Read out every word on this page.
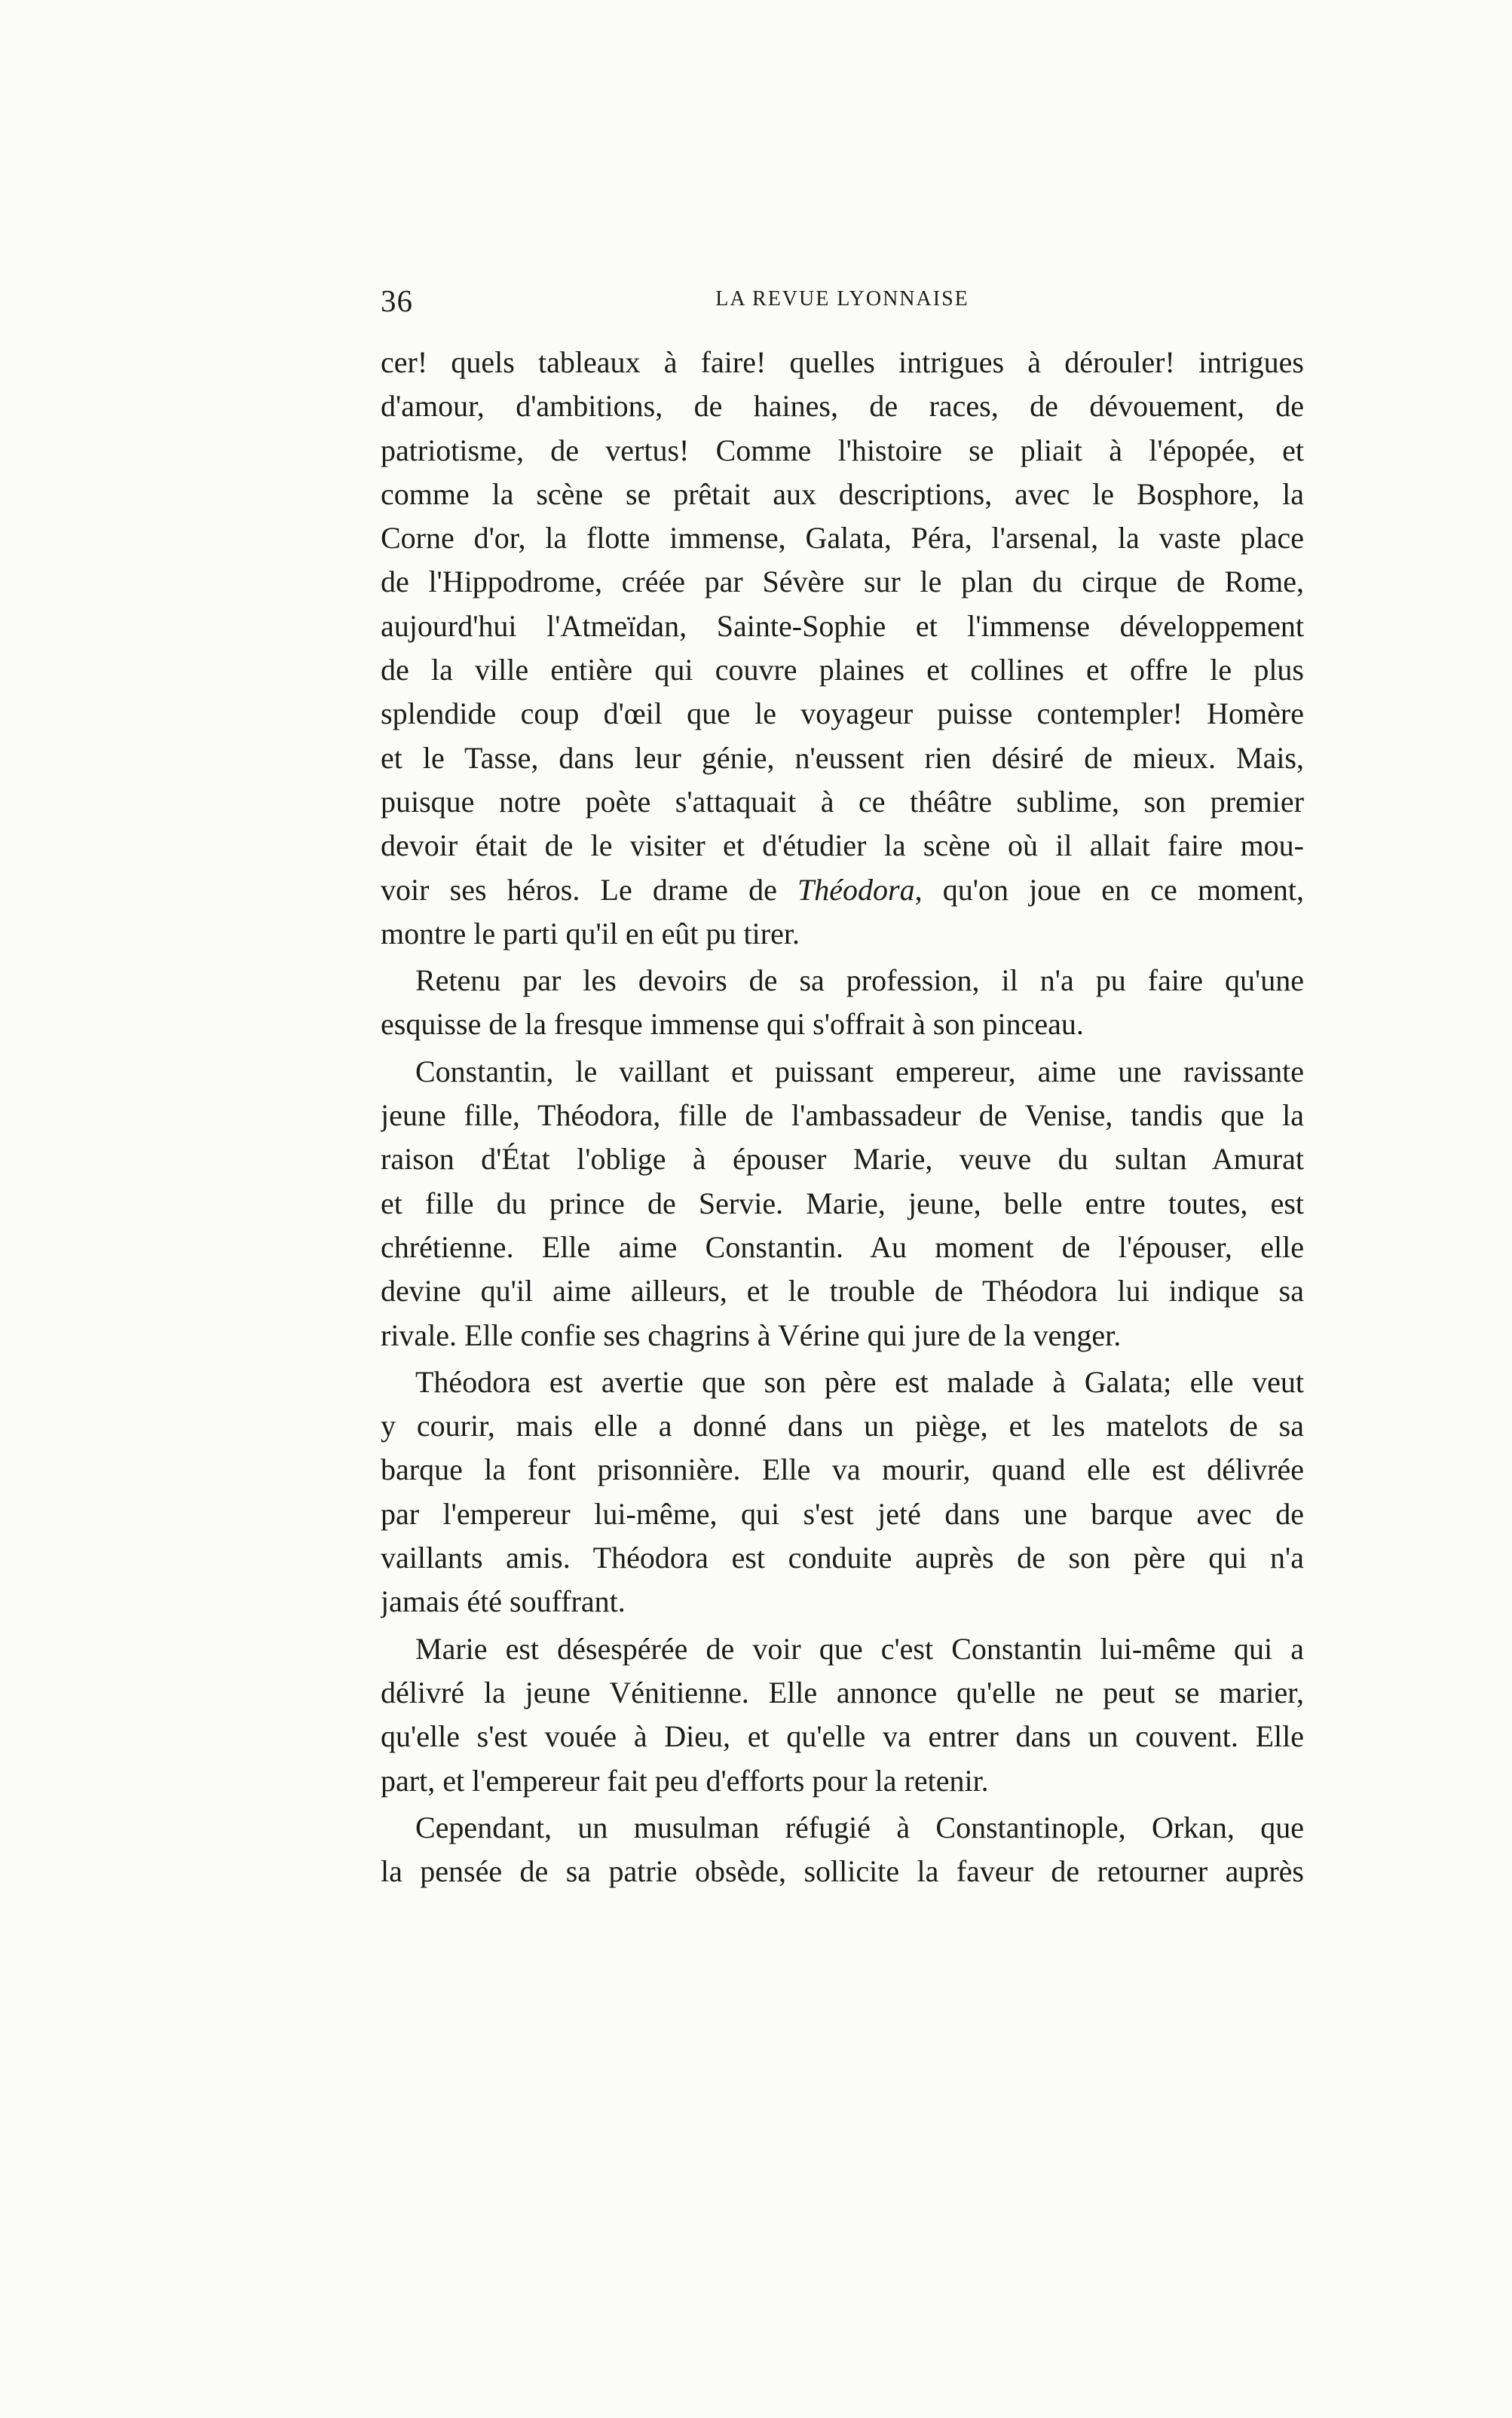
36	LA REVUE LYONNAISE

cer! quels tableaux à faire! quelles intrigues à dérouler! intrigues
d'amour, d'ambitions, de haines, de races, de dévouement, de
patriotisme, de vertus! Comme l'histoire se pliait à l'épopée, et
comme la scène se prêtait aux descriptions, avec le Bosphore, la
Corne d'or, la flotte immense, Galata, Péra, l'arsenal, la vaste place
de l'Hippodrome, créée par Sévère sur le plan du cirque de Rome,
aujourd'hui l'Atmeïdan, Sainte-Sophie et l'immense développement
de la ville entière qui couvre plaines et collines et offre le plus
splendide coup d'œil que le voyageur puisse contempler! Homère
et le Tasse, dans leur génie, n'eussent rien désiré de mieux. Mais,
puisque notre poète s'attaquait à ce théâtre sublime, son premier
devoir était de le visiter et d'étudier la scène où il allait faire mou-
voir ses héros. Le drame de Théodora, qu'on joue en ce moment,
montre le parti qu'il en eût pu tirer.

Retenu par les devoirs de sa profession, il n'a pu faire qu'une
esquisse de la fresque immense qui s'offrait à son pinceau.

Constantin, le vaillant et puissant empereur, aime une ravissante
jeune fille, Théodora, fille de l'ambassadeur de Venise, tandis que la
raison d'État l'oblige à épouser Marie, veuve du sultan Amurat
et fille du prince de Servie. Marie, jeune, belle entre toutes, est
chrétienne. Elle aime Constantin. Au moment de l'épouser, elle
devine qu'il aime ailleurs, et le trouble de Théodora lui indique sa
rivale. Elle confie ses chagrins à Vérine qui jure de la venger.

Théodora est avertie que son père est malade à Galata; elle veut
y courir, mais elle a donné dans un piège, et les matelots de sa
barque la font prisonnière. Elle va mourir, quand elle est délivrée
par l'empereur lui-même, qui s'est jeté dans une barque avec de
vaillants amis. Théodora est conduite auprès de son père qui n'a
jamais été souffrant.

Marie est désespérée de voir que c'est Constantin lui-même qui a
délivré la jeune Vénitienne. Elle annonce qu'elle ne peut se marier,
qu'elle s'est vouée à Dieu, et qu'elle va entrer dans un couvent. Elle
part, et l'empereur fait peu d'efforts pour la retenir.

Cependant, un musulman réfugié à Constantinople, Orkan, que
la pensée de sa patrie obsède, sollicite la faveur de retourner auprès
